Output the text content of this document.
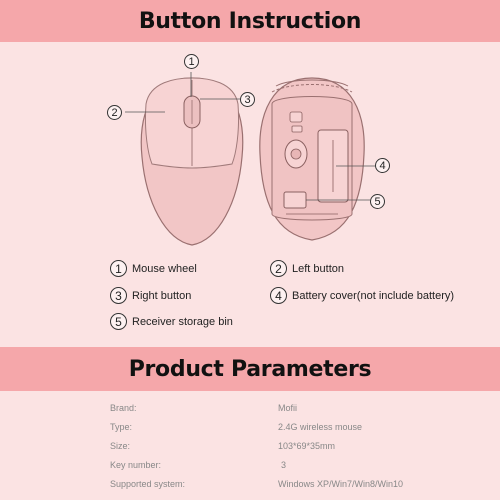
Button Instruction
1
2
3
4
5
1 Mouse wheel	2 Left button
3 Right button	4 Battery cover(not include battery)
5 Receiver storage bin
Product Parameters
Brand:	Mofii
Type:	2.4G wireless mouse
Size:	103*69*35mm
Key number:	3
Supported system:	Windows XP/Win7/Win8/Win10
